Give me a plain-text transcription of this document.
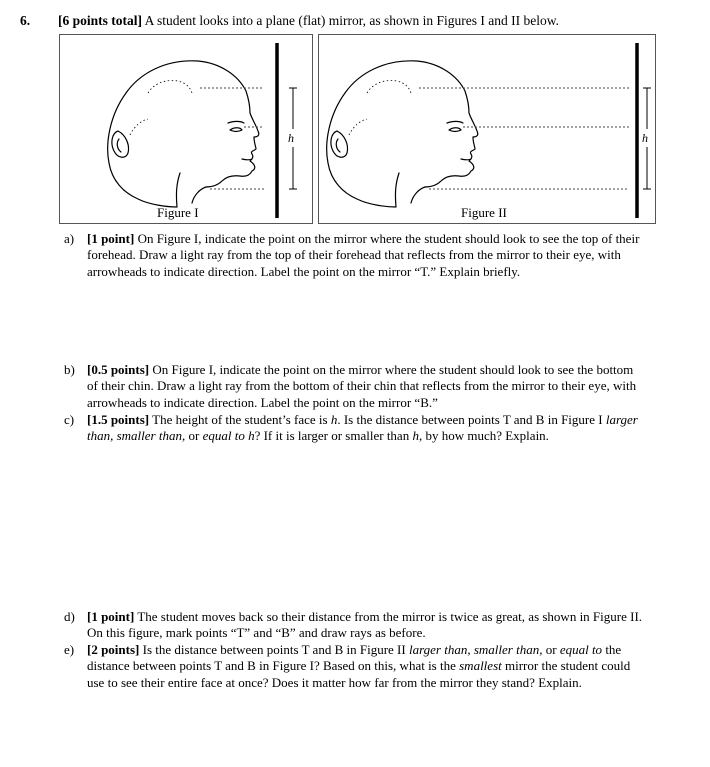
6. [6 points total] A student looks into a plane (flat) mirror, as shown in Figures I and II below.
h	h
Figure I	Figure II
a) [1 point] On Figure I, indicate the point on the mirror where the student should look to see the top of their forehead. Draw a light ray from the top of their forehead that reflects from the mirror to their eye, with arrowheads to indicate direction. Label the point on the mirror “T.” Explain briefly.
b) [0.5 points] On Figure I, indicate the point on the mirror where the student should look to see the bottom of their chin. Draw a light ray from the bottom of their chin that reflects from the mirror to their eye, with arrowheads to indicate direction. Label the point on the mirror “B.”
c) [1.5 points] The height of the student’s face is h. Is the distance between points T and B in Figure I larger than, smaller than, or equal to h? If it is larger or smaller than h, by how much? Explain.
d) [1 point] The student moves back so their distance from the mirror is twice as great, as shown in Figure II. On this figure, mark points “T” and “B” and draw rays as before.
e) [2 points] Is the distance between points T and B in Figure II larger than, smaller than, or equal to the distance between points T and B in Figure I? Based on this, what is the smallest mirror the student could use to see their entire face at once? Does it matter how far from the mirror they stand? Explain.
